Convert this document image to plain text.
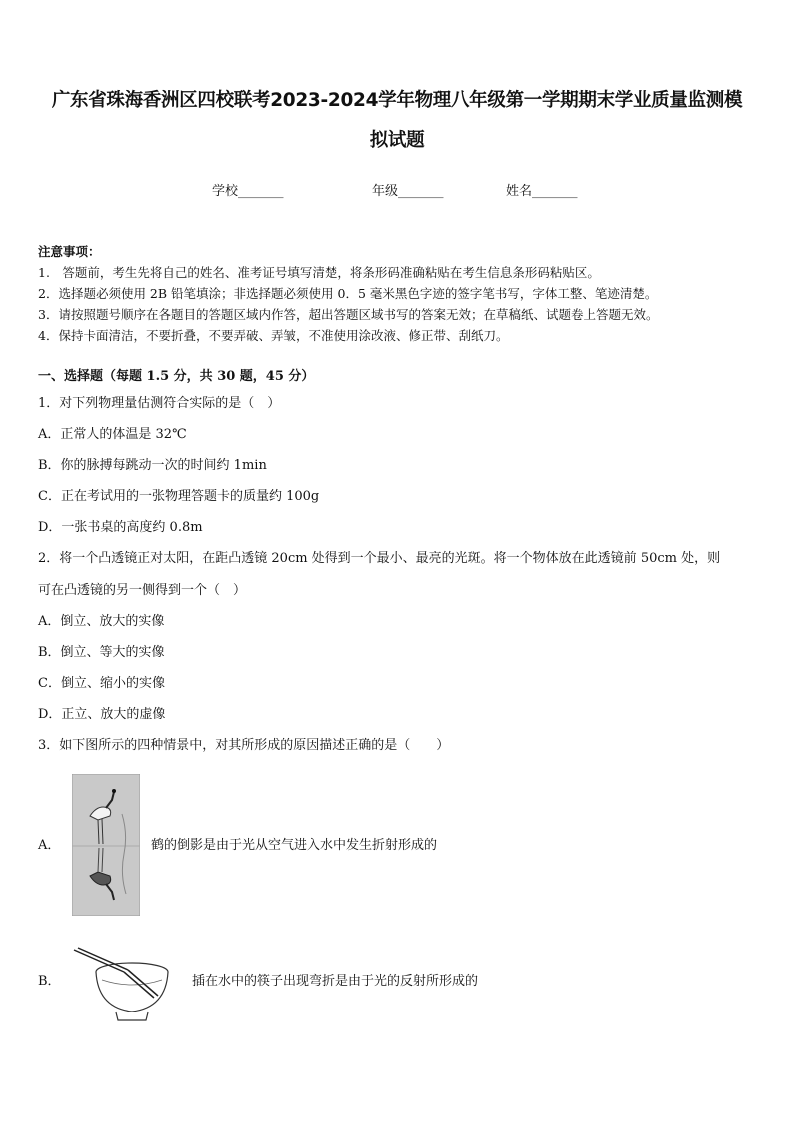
广东省珠海香洲区四校联考2023-2024学年物理八年级第一学期期末学业质量监测模
拟试题
学校_______	年级_______	姓名_______
注意事项：
1.　答题前，考生先将自己的姓名、准考证号填写清楚，将条形码准确粘贴在考生信息条形码粘贴区。
2．选择题必须使用 2B 铅笔填涂；非选择题必须使用 0．5 毫米黑色字迹的签字笔书写，字体工整、笔迹清楚。
3．请按照题号顺序在各题目的答题区域内作答，超出答题区域书写的答案无效；在草稿纸、试题卷上答题无效。
4．保持卡面清洁，不要折叠，不要弄破、弄皱，不准使用涂改液、修正带、刮纸刀。
一、选择题（每题 1.5 分，共 30 题，45 分）
1．对下列物理量估测符合实际的是（　）
A．正常人的体温是 32℃
B．你的脉搏每跳动一次的时间约 1min
C．正在考试用的一张物理答题卡的质量约 100g
D．一张书桌的高度约 0.8m
2．将一个凸透镜正对太阳，在距凸透镜 20cm 处得到一个最小、最亮的光斑。将一个物体放在此透镜前 50cm 处，则
可在凸透镜的另一侧得到一个（　）
A．倒立、放大的实像
B．倒立、等大的实像
C．倒立、缩小的实像
D．正立、放大的虚像
3．如下图所示的四种情景中，对其所形成的原因描述正确的是（　　）
A．	鹤的倒影是由于光从空气进入水中发生折射形成的
B．	插在水中的筷子出现弯折是由于光的反射所形成的
